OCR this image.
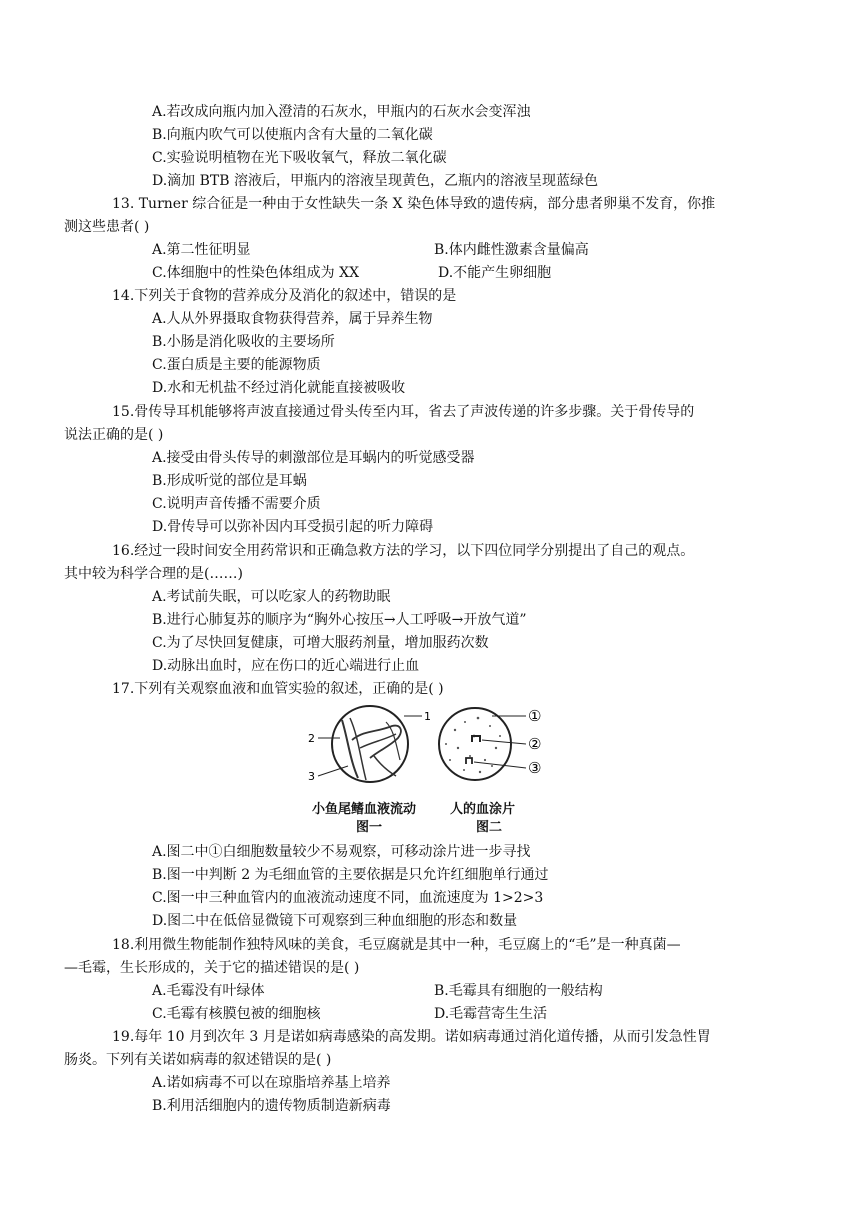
A.若改成向瓶内加入澄清的石灰水，甲瓶内的石灰水会变浑浊
B.向瓶内吹气可以使瓶内含有大量的二氧化碳
C.实验说明植物在光下吸收氧气，释放二氧化碳
D.滴加 BTB 溶液后，甲瓶内的溶液呈现黄色，乙瓶内的溶液呈现蓝绿色
13. Turner 综合征是一种由于女性缺失一条 X 染色体导致的遗传病，部分患者卵巢不发育，你推
测这些患者( )
A.第二性征明显	B.体内雌性激素含量偏高
C.体细胞中的性染色体组成为 XX	D.不能产生卵细胞
14.下列关于食物的营养成分及消化的叙述中，错误的是
A.人从外界摄取食物获得营养，属于异养生物
B.小肠是消化吸收的主要场所
C.蛋白质是主要的能源物质
D.水和无机盐不经过消化就能直接被吸收
15.骨传导耳机能够将声波直接通过骨头传至内耳，省去了声波传递的许多步骤。关于骨传导的
说法正确的是( )
A.接受由骨头传导的刺激部位是耳蜗内的听觉感受器
B.形成听觉的部位是耳蜗
C.说明声音传播不需要介质
D.骨传导可以弥补因内耳受损引起的听力障碍
16.经过一段时间安全用药常识和正确急救方法的学习，以下四位同学分别提出了自己的观点。
其中较为科学合理的是(……)
A.考试前失眠，可以吃家人的药物助眠
B.进行心肺复苏的顺序为“胸外心按压→人工呼吸→开放气道”
C.为了尽快回复健康，可增大服药剂量，增加服药次数
D.动脉出血时，应在伤口的近心端进行止血
17.下列有关观察血液和血管实验的叙述，正确的是( )
1
2
3
①
②
③
小鱼尾鳍血液流动	人的血涂片
图一	图二
A.图二中①白细胞数量较少不易观察，可移动涂片进一步寻找
B.图一中判断 2 为毛细血管的主要依据是只允许红细胞单行通过
C.图一中三种血管内的血液流动速度不同，血流速度为 1>2>3
D.图二中在低倍显微镜下可观察到三种血细胞的形态和数量
18.利用微生物能制作独特风味的美食，毛豆腐就是其中一种，毛豆腐上的“毛”是一种真菌—
—毛霉，生长形成的，关于它的描述错误的是( )
A.毛霉没有叶绿体	B.毛霉具有细胞的一般结构
C.毛霉有核膜包被的细胞核	D.毛霉营寄生生活
19.每年 10 月到次年 3 月是诺如病毒感染的高发期。诺如病毒通过消化道传播，从而引发急性胃
肠炎。下列有关诺如病毒的叙述错误的是( )
A.诺如病毒不可以在琼脂培养基上培养
B.利用活细胞内的遗传物质制造新病毒
